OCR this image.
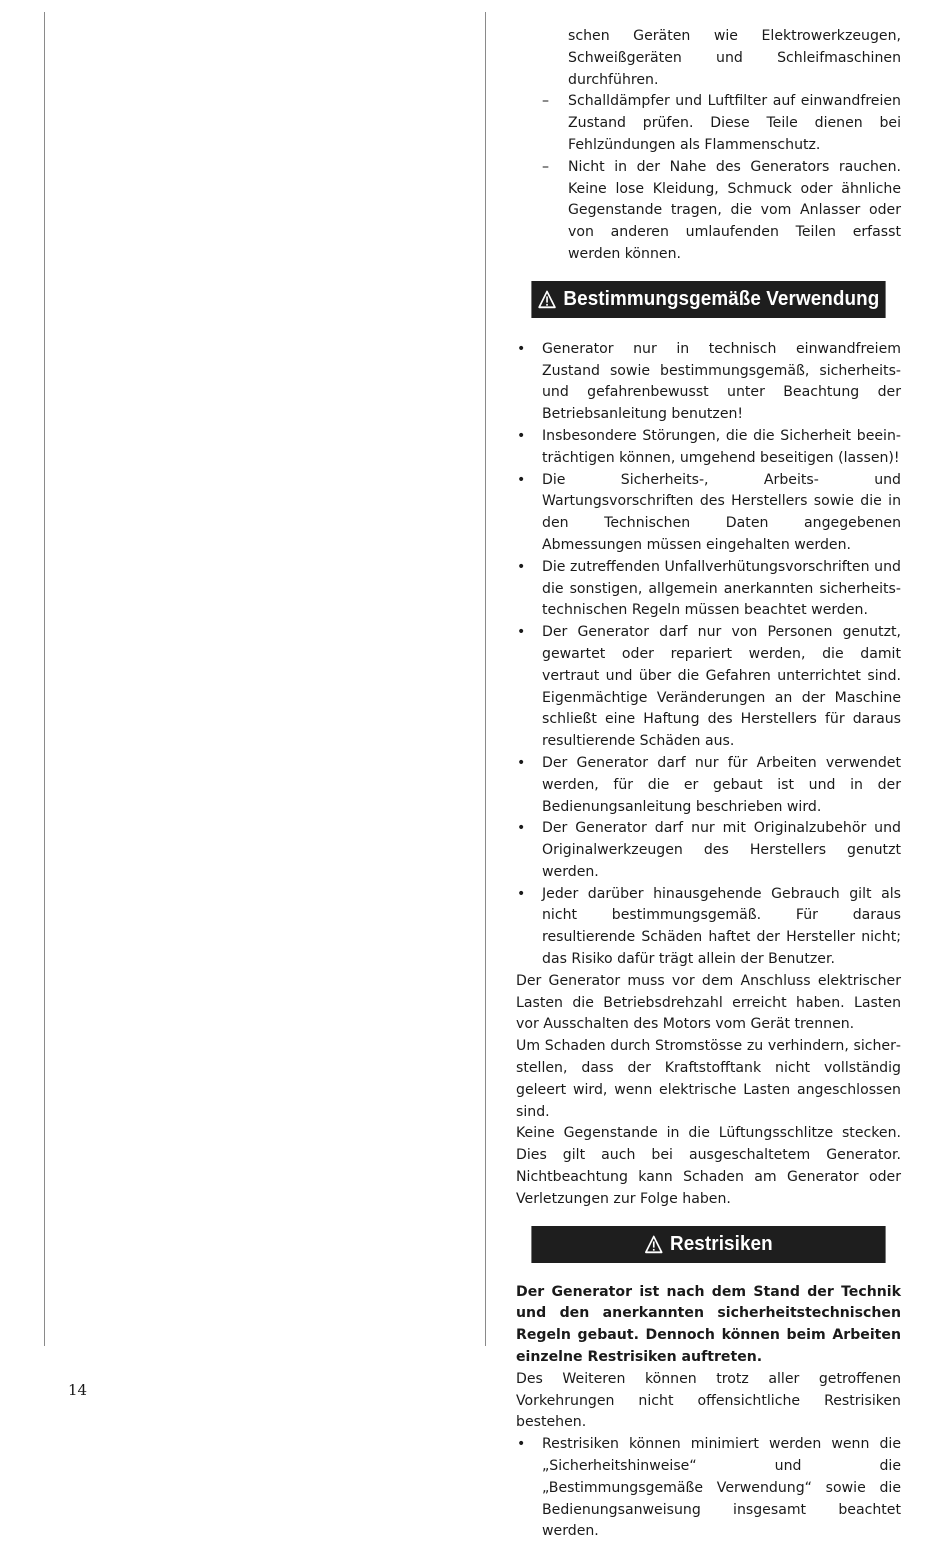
schen Geräten wie Elektrowerkzeugen, Schweißgeräten und Schleifmaschinen durchführen.
– Schalldämpfer und Luftfilter auf einwandfreien Zustand prüfen. Diese Teile dienen bei Fehlzündungen als Flammenschutz.
– Nicht in der Nahe des Generators rauchen. Keine lose Kleidung, Schmuck oder ähnliche Gegenstande tragen, die vom Anlasser oder von anderen umlaufenden Teilen erfasst werden können.
Bestimmungsgemäße Verwendung
• Generator nur in technisch einwandfreiem Zustand sowie bestimmungsgemäß, sicherheits- und gefahrenbewusst unter Beachtung der Betriebsanleitung benutzen!
• Insbesondere Störungen, die die Sicherheit beeinträchtigen können, umgehend beseitigen (lassen)!
• Die Sicherheits-, Arbeits- und Wartungsvorschriften des Herstellers sowie die in den Technischen Daten angegebenen Abmessungen müssen eingehalten werden.
• Die zutreffenden Unfallverhütungsvorschriften und die sonstigen, allgemein anerkannten sicherheitstechnischen Regeln müssen beachtet werden.
• Der Generator darf nur von Personen genutzt, gewartet oder repariert werden, die damit vertraut und über die Gefahren unterrichtet sind. Eigenmächtige Veränderungen an der Maschine schließt eine Haftung des Herstellers für daraus resultierende Schäden aus.
• Der Generator darf nur für Arbeiten verwendet werden, für die er gebaut ist und in der Bedienungsanleitung beschrieben wird.
• Der Generator darf nur mit Originalzubehör und Originalwerkzeugen des Herstellers genutzt werden.
• Jeder darüber hinausgehende Gebrauch gilt als nicht bestimmungsgemäß. Für daraus resultierende Schäden haftet der Hersteller nicht; das Risiko dafür trägt allein der Benutzer.

Der Generator muss vor dem Anschluss elektrischer Lasten die Betriebsdrehzahl erreicht haben. Lasten vor Ausschalten des Motors vom Gerät trennen.

Um Schaden durch Stromstösse zu verhindern, sicherstellen, dass der Kraftstofftank nicht vollständig geleert wird, wenn elektrische Lasten angeschlossen sind.

Keine Gegenstande in die Lüftungsschlitze stecken. Dies gilt auch bei ausgeschaltetem Generator. Nichtbeachtung kann Schaden am Generator oder Verletzungen zur Folge haben.

Restrisiken

Der Generator ist nach dem Stand der Technik und den anerkannten sicherheitstechnischen Regeln gebaut. Dennoch können beim Arbeiten einzelne Restrisiken auftreten.

Des Weiteren können trotz aller getroffenen Vorkehrungen nicht offensichtliche Restrisiken bestehen.

• Restrisiken können minimiert werden wenn die „Sicherheitshinweise“ und die „Bestimmungsgemäße Verwendung“ sowie die Bedienungsanweisung insgesamt beachtet werden.
14
